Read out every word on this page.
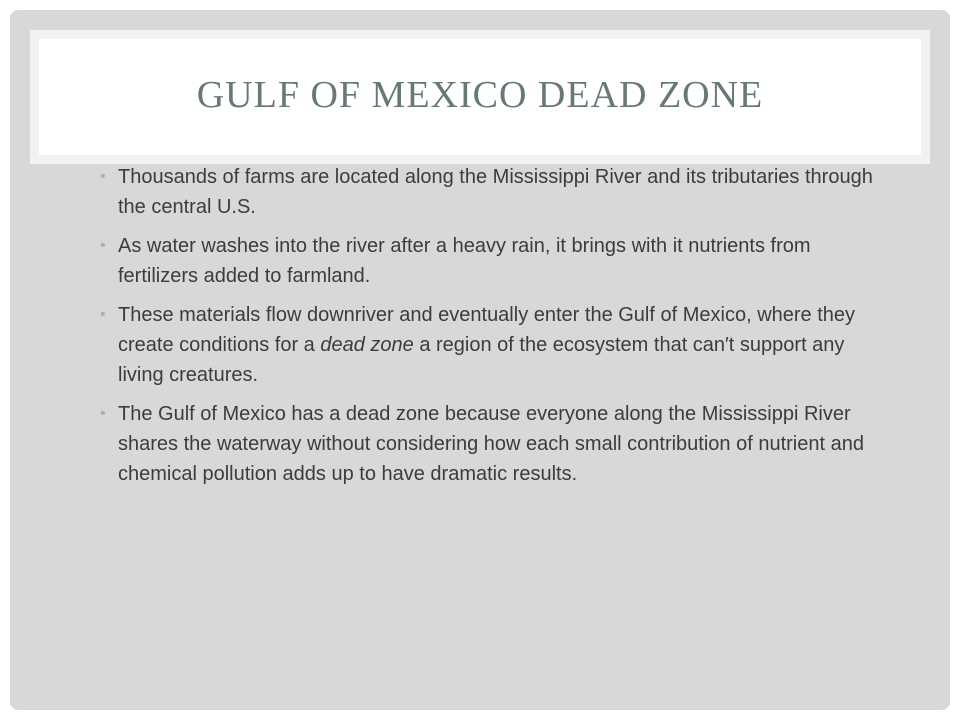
GULF OF MEXICO DEAD ZONE
• Thousands of farms are located along the Mississippi River and its tributaries through the central U.S.
• As water washes into the river after a heavy rain, it brings with it nutrients from fertilizers added to farmland.
• These materials flow downriver and eventually enter the Gulf of Mexico, where they create conditions for a dead zone a region of the ecosystem that can′t support any living creatures.
• The Gulf of Mexico has a dead zone because everyone along the Mississippi River shares the waterway without considering how each small contribution of nutrient and chemical pollution adds up to have dramatic results.
